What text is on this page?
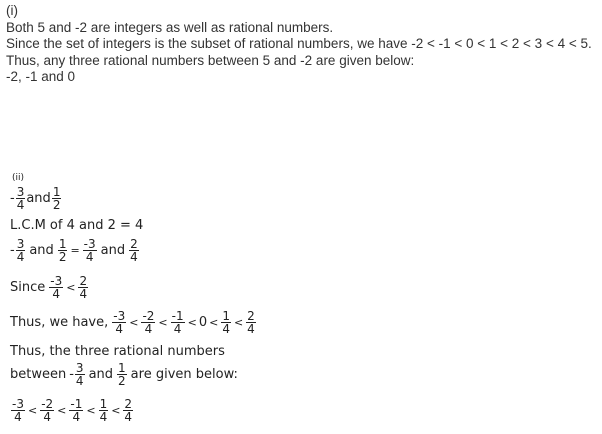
(i)
Both 5 and -2 are integers as well as rational numbers.
Since the set of integers is the subset of rational numbers, we have -2 < -1 < 0 < 1 < 2 < 3 < 4 < 5.
Thus, any three rational numbers between 5 and -2 are given below:
-2, -1 and 0
(ii)
- 3
4 and 1
2
L.C.M of 4 and 2 = 4
- 3
4 and $\frac{1}{2} = \frac{-3}{4}$ and 2
4
Since -3
4 < 2
4
Thus, we have, -3
4 < -2
4 < -1
4 < 0 < 1
4 < 2
4
Thus, the three rational numbers
between - 3
4 and 1
2 are given below:
-3
4 < -2
4 < -1
4 < 1
4 < 2
4
